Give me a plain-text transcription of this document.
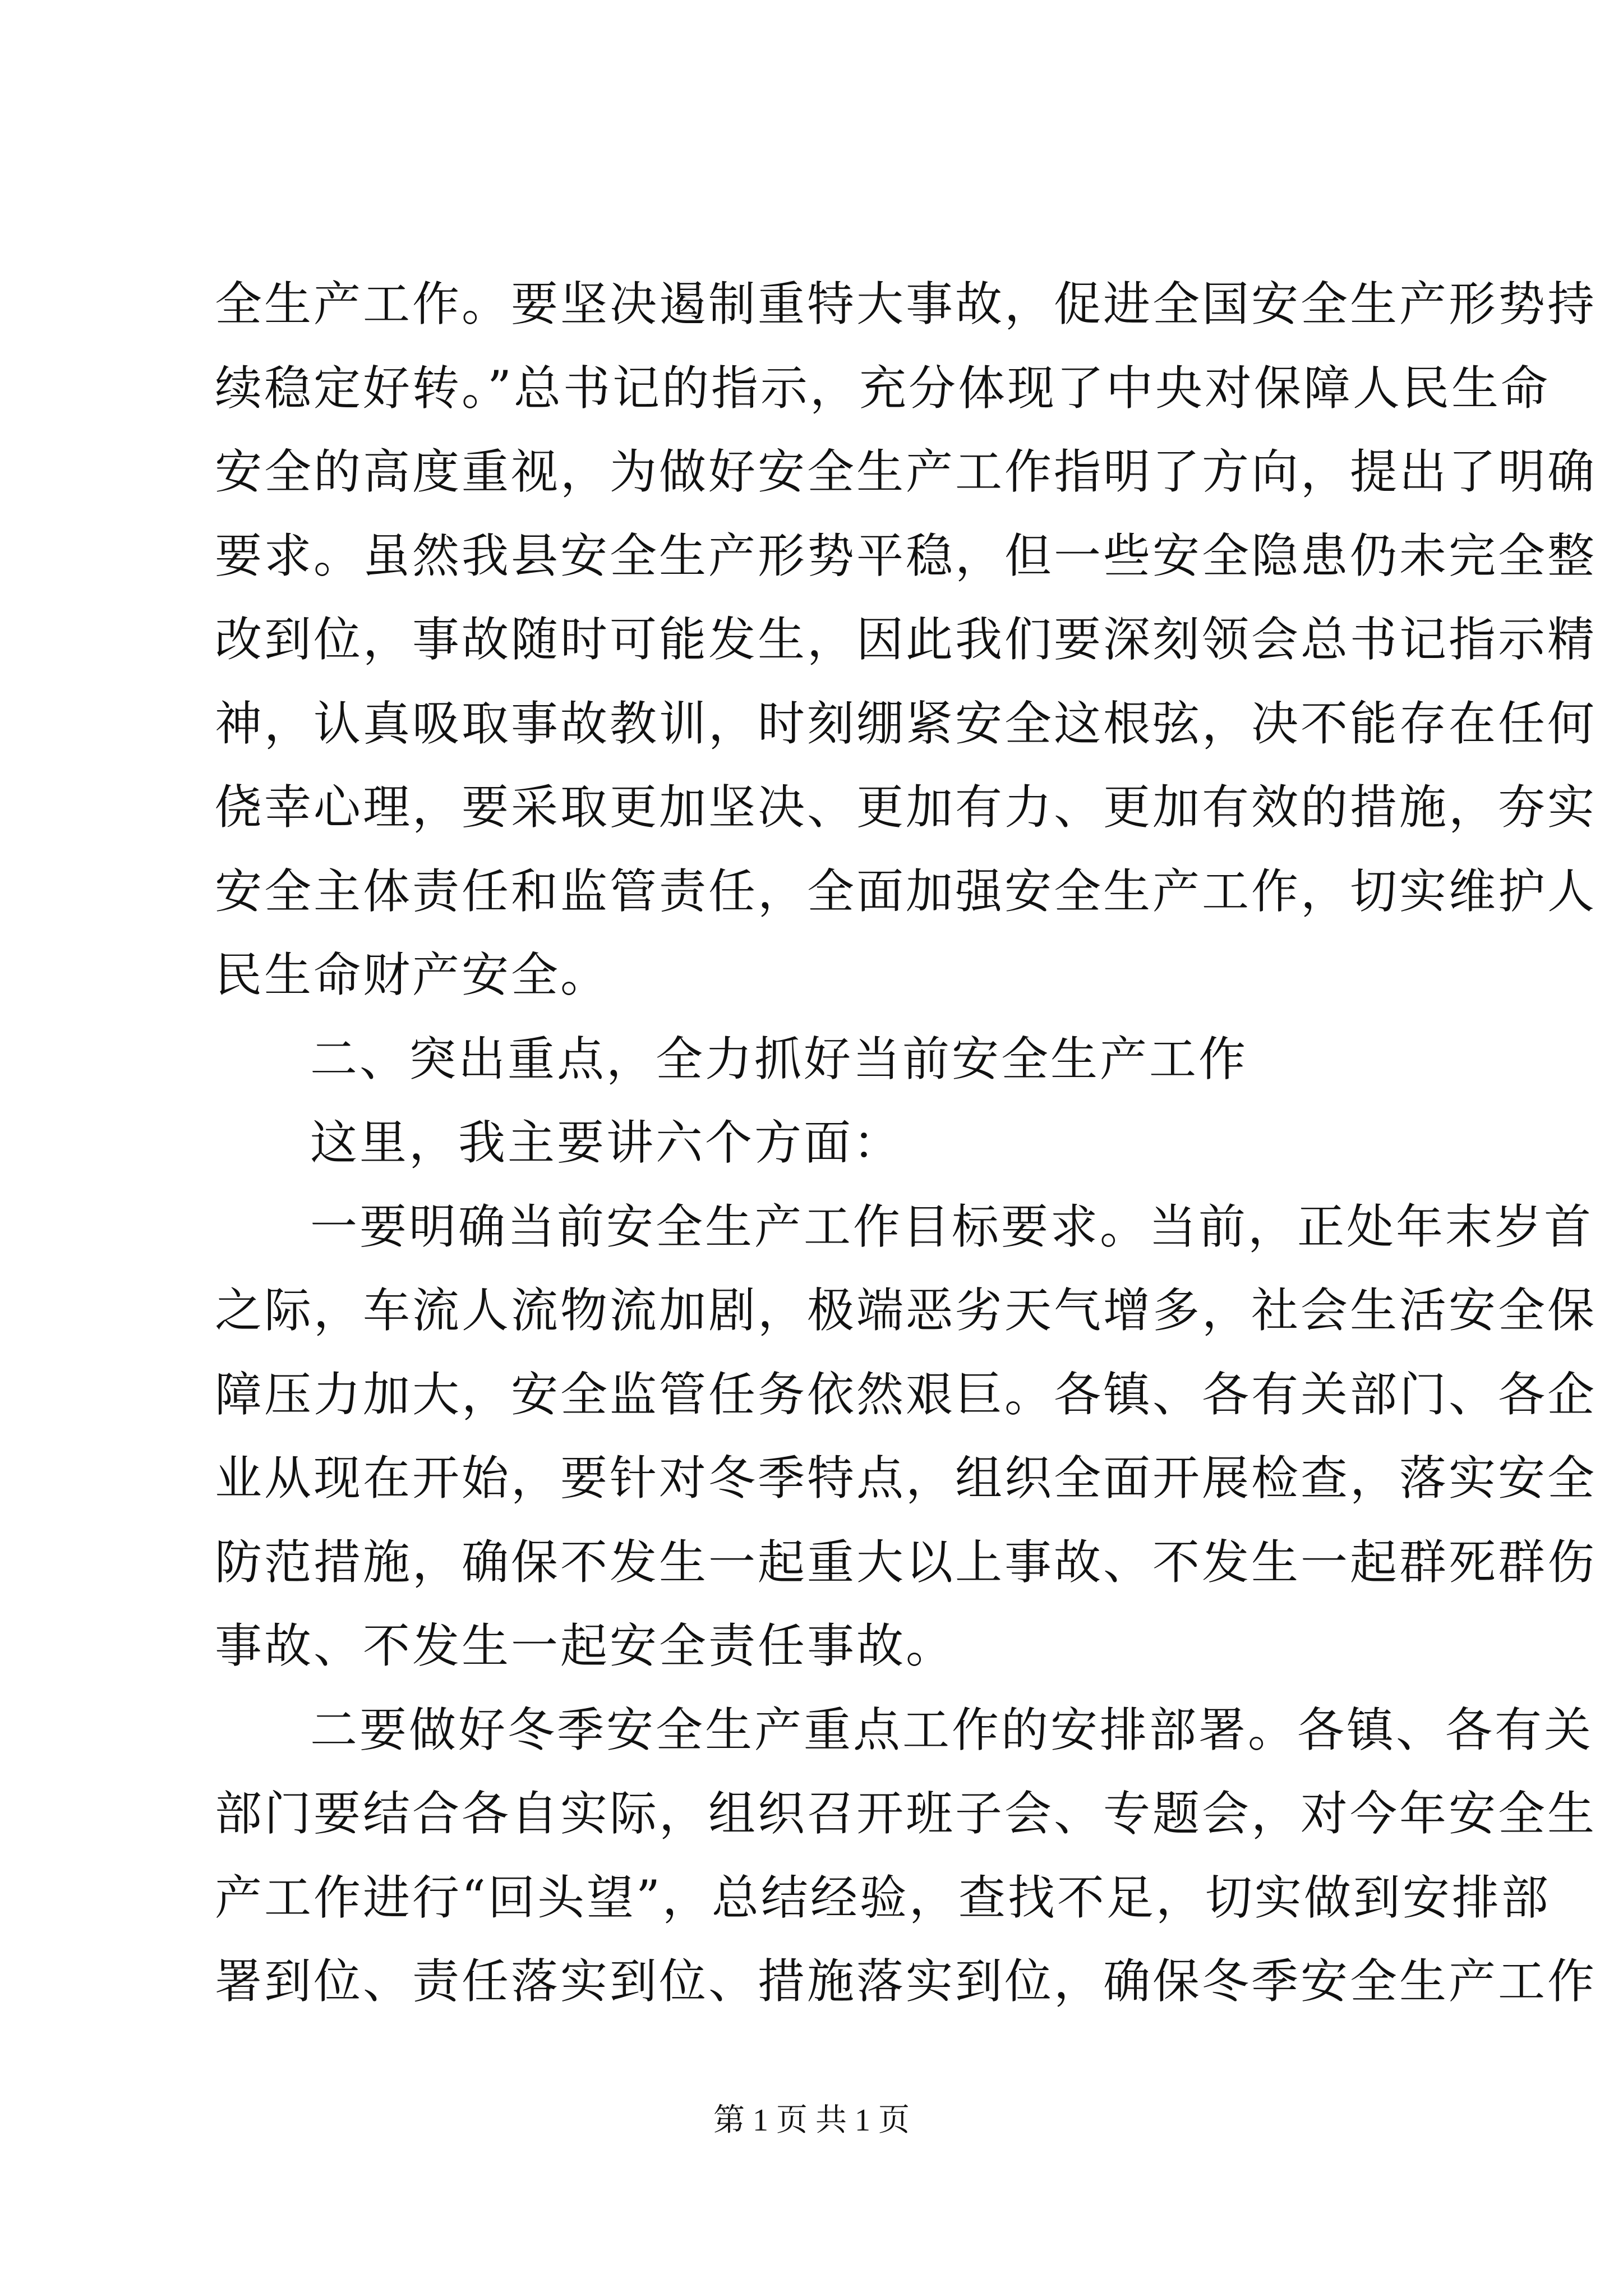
全生产工作。要坚决遏制重特大事故，促进全国安全生产形势持
续稳定好转。”总书记的指示，充分体现了中央对保障人民生命
安全的高度重视，为做好安全生产工作指明了方向，提出了明确
要求。虽然我县安全生产形势平稳，但一些安全隐患仍未完全整
改到位，事故随时可能发生，因此我们要深刻领会总书记指示精
神，认真吸取事故教训，时刻绷紧安全这根弦，决不能存在任何
侥幸心理，要采取更加坚决、更加有力、更加有效的措施，夯实
安全主体责任和监管责任，全面加强安全生产工作，切实维护人
民生命财产安全。
二、突出重点，全力抓好当前安全生产工作
这里，我主要讲六个方面：
一要明确当前安全生产工作目标要求。当前，正处年末岁首
之际，车流人流物流加剧，极端恶劣天气增多，社会生活安全保
障压力加大，安全监管任务依然艰巨。各镇、各有关部门、各企
业从现在开始，要针对冬季特点，组织全面开展检查，落实安全
防范措施，确保不发生一起重大以上事故、不发生一起群死群伤
事故、不发生一起安全责任事故。
二要做好冬季安全生产重点工作的安排部署。各镇、各有关
部门要结合各自实际，组织召开班子会、专题会，对今年安全生
产工作进行“回头望”，总结经验，查找不足，切实做到安排部
署到位、责任落实到位、措施落实到位，确保冬季安全生产工作
第 1 页 共 1 页
